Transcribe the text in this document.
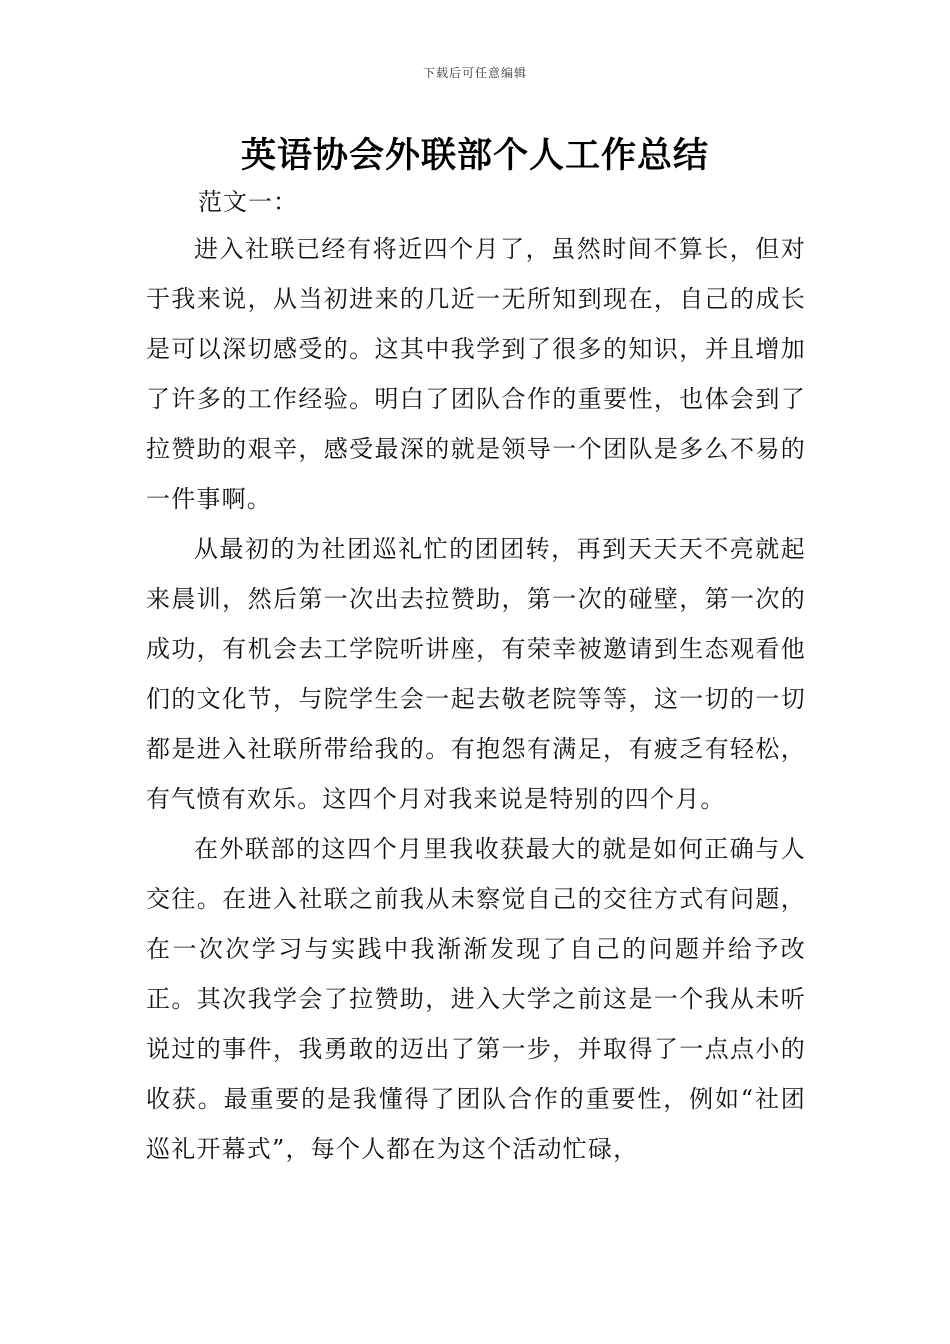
下载后可任意编辑
英语协会外联部个人工作总结

范文一：

进入社联已经有将近四个月了，虽然时间不算长，但对于我来说，从当初进来的几近一无所知到现在，自己的成长是可以深切感受的。这其中我学到了很多的知识，并且增加了许多的工作经验。明白了团队合作的重要性，也体会到了拉赞助的艰辛，感受最深的就是领导一个团队是多么不易的一件事啊。

从最初的为社团巡礼忙的团团转，再到天天天不亮就起来晨训，然后第一次出去拉赞助，第一次的碰壁，第一次的成功，有机会去工学院听讲座，有荣幸被邀请到生态观看他们的文化节，与院学生会一起去敬老院等等，这一切的一切都是进入社联所带给我的。有抱怨有满足，有疲乏有轻松，有气愤有欢乐。这四个月对我来说是特别的四个月。

在外联部的这四个月里我收获最大的就是如何正确与人交往。在进入社联之前我从未察觉自己的交往方式有问题，在一次次学习与实践中我渐渐发现了自己的问题并给予改正。其次我学会了拉赞助，进入大学之前这是一个我从未听说过的事件，我勇敢的迈出了第一步，并取得了一点点小的收获。最重要的是我懂得了团队合作的重要性，例如“社团巡礼开幕式”，每个人都在为这个活动忙碌，
